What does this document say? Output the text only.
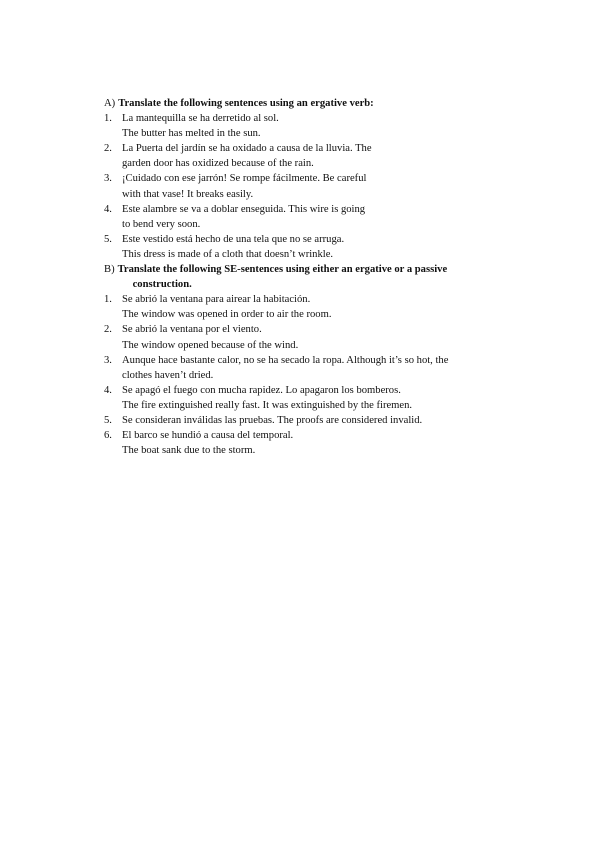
A) Translate the following sentences using an ergative verb:
1. La mantequilla se ha derretido al sol.
The butter has melted in the sun.
2. La Puerta del jardín se ha oxidado a causa de la lluvia. The
garden door has oxidized because of the rain.
3. ¡Cuidado con ese jarrón! Se rompe fácilmente. Be careful
with that vase! It breaks easily.
4. Este alambre se va a doblar enseguida. This wire is going
to bend very soon.
5. Este vestido está hecho de una tela que no se arruga.
This dress is made of a cloth that doesn’t wrinkle.
B) Translate the following SE-sentences using either an ergative or a passive
construction.
1. Se abrió la ventana para airear la habitación.
The window was opened in order to air the room.
2. Se abrió la ventana por el viento.
The window opened because of the wind.
3. Aunque hace bastante calor, no se ha secado la ropa. Although it’s so hot, the
clothes haven’t dried.
4. Se apagó el fuego con mucha rapidez. Lo apagaron los bomberos.
The fire extinguished really fast. It was extinguished by the firemen.
5. Se consideran inválidas las pruebas. The proofs are considered invalid.
6. El barco se hundió a causa del temporal.
The boat sank due to the storm.
